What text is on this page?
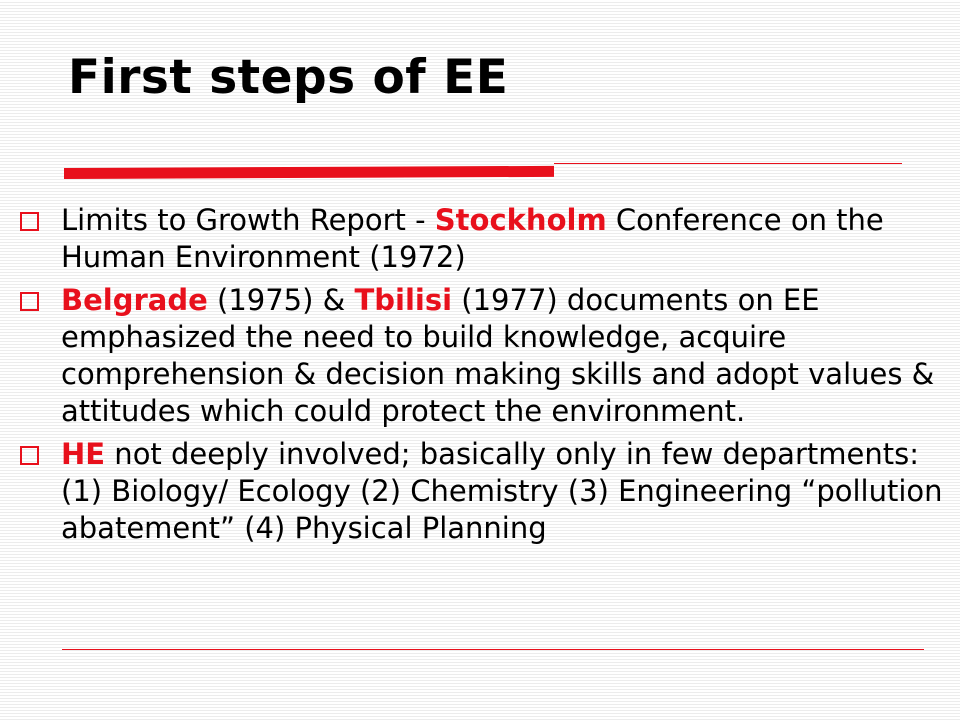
First steps of EE
Limits to Growth Report - Stockholm Conference on the Human Environment (1972)
Belgrade (1975) & Tbilisi (1977) documents on EE emphasized the need to build knowledge, acquire comprehension & decision making skills and adopt values & attitudes which could protect the environment.
HE not deeply involved; basically only in few departments: (1) Biology/ Ecology (2) Chemistry (3) Engineering “pollution abatement” (4) Physical Planning
